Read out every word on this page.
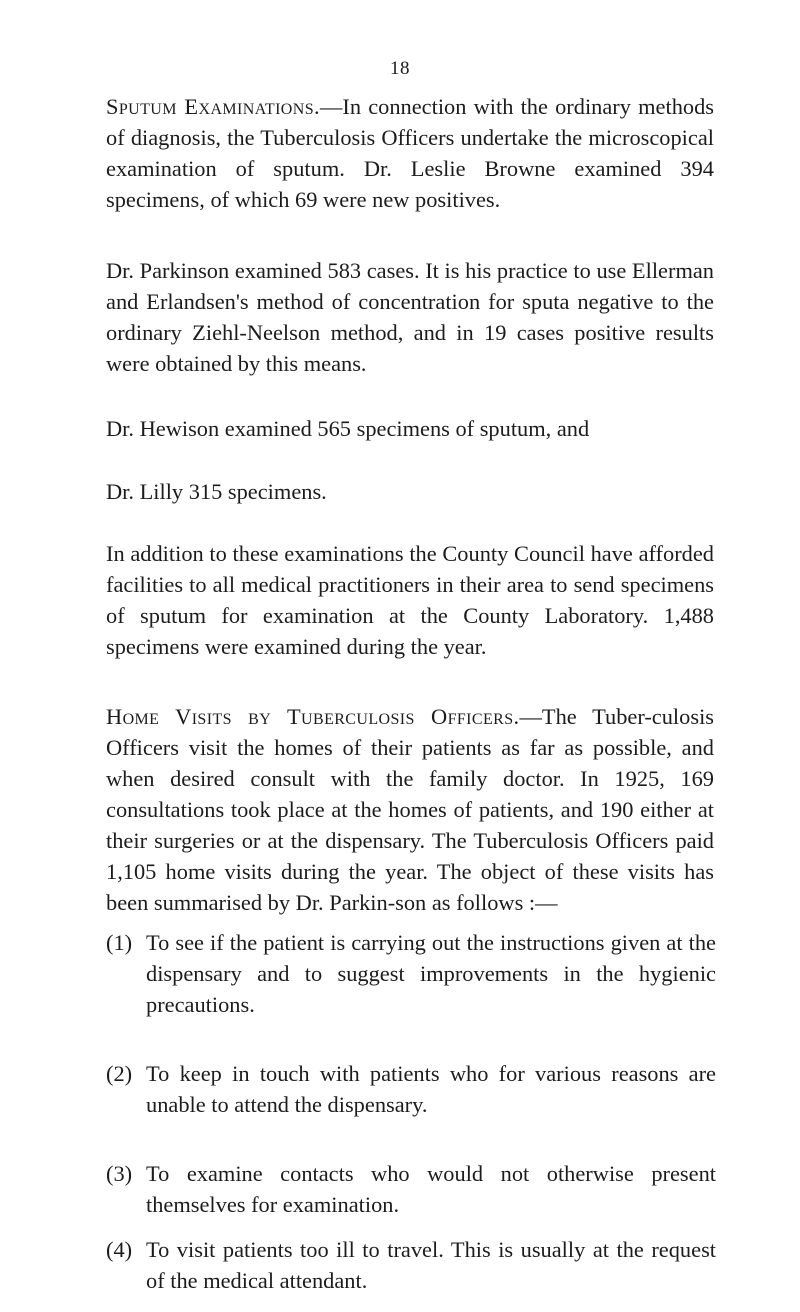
18

Sputum Examinations.—In connection with the ordinary methods of diagnosis, the Tuberculosis Officers undertake the microscopical examination of sputum. Dr. Leslie Browne examined 394 specimens, of which 69 were new positives.

Dr. Parkinson examined 583 cases. It is his practice to use Ellerman and Erlandsen's method of concentration for sputa negative to the ordinary Ziehl-Neelson method, and in 19 cases positive results were obtained by this means.

Dr. Hewison examined 565 specimens of sputum, and

Dr. Lilly 315 specimens.

In addition to these examinations the County Council have afforded facilities to all medical practitioners in their area to send specimens of sputum for examination at the County Laboratory. 1,488 specimens were examined during the year.

Home Visits by Tuberculosis Officers.—The Tuber-culosis Officers visit the homes of their patients as far as possible, and when desired consult with the family doctor. In 1925, 169 consultations took place at the homes of patients, and 190 either at their surgeries or at the dispensary. The Tuberculosis Officers paid 1,105 home visits during the year. The object of these visits has been summarised by Dr. Parkin-son as follows :—

(1) To see if the patient is carrying out the instructions given at the dispensary and to suggest improvements in the hygienic precautions.
(2) To keep in touch with patients who for various reasons are unable to attend the dispensary.
(3) To examine contacts who would not otherwise present themselves for examination.
(4) To visit patients too ill to travel. This is usually at the request of the medical attendant.
